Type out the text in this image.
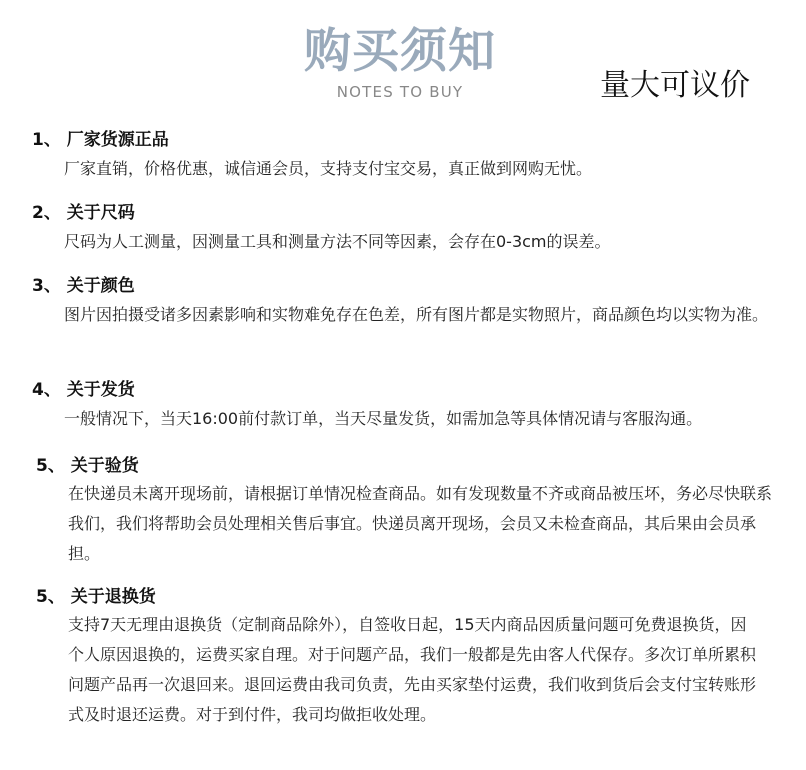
购买须知
NOTES TO BUY	量大可议价
1、 厂家货源正品

厂家直销，价格优惠，诚信通会员，支持支付宝交易，真正做到网购无忧。

2、 关于尺码

尺码为人工测量，因测量工具和测量方法不同等因素，会存在0-3cm的误差。

3、 关于颜色

图片因拍摄受诸多因素影响和实物难免存在色差，所有图片都是实物照片，商品颜色均以实物为准。

4、 关于发货

一般情况下，当天16:00前付款订单，当天尽量发货，如需加急等具体情况请与客服沟通。

5、 关于验货

在快递员未离开现场前，请根据订单情况检查商品。如有发现数量不齐或商品被压坏，务必尽快联系我们，我们将帮助会员处理相关售后事宜。快递员离开现场，会员又未检查商品，其后果由会员承担。

5、 关于退换货

支持7天无理由退换货（定制商品除外），自签收日起，15天内商品因质量问题可免费退换货，因个人原因退换的，运费买家自理。对于问题产品，我们一般都是先由客人代保存。多次订单所累积问题产品再一次退回来。退回运费由我司负责，先由买家垫付运费，我们收到货后会支付宝转账形式及时退还运费。对于到付件，我司均做拒收处理。
